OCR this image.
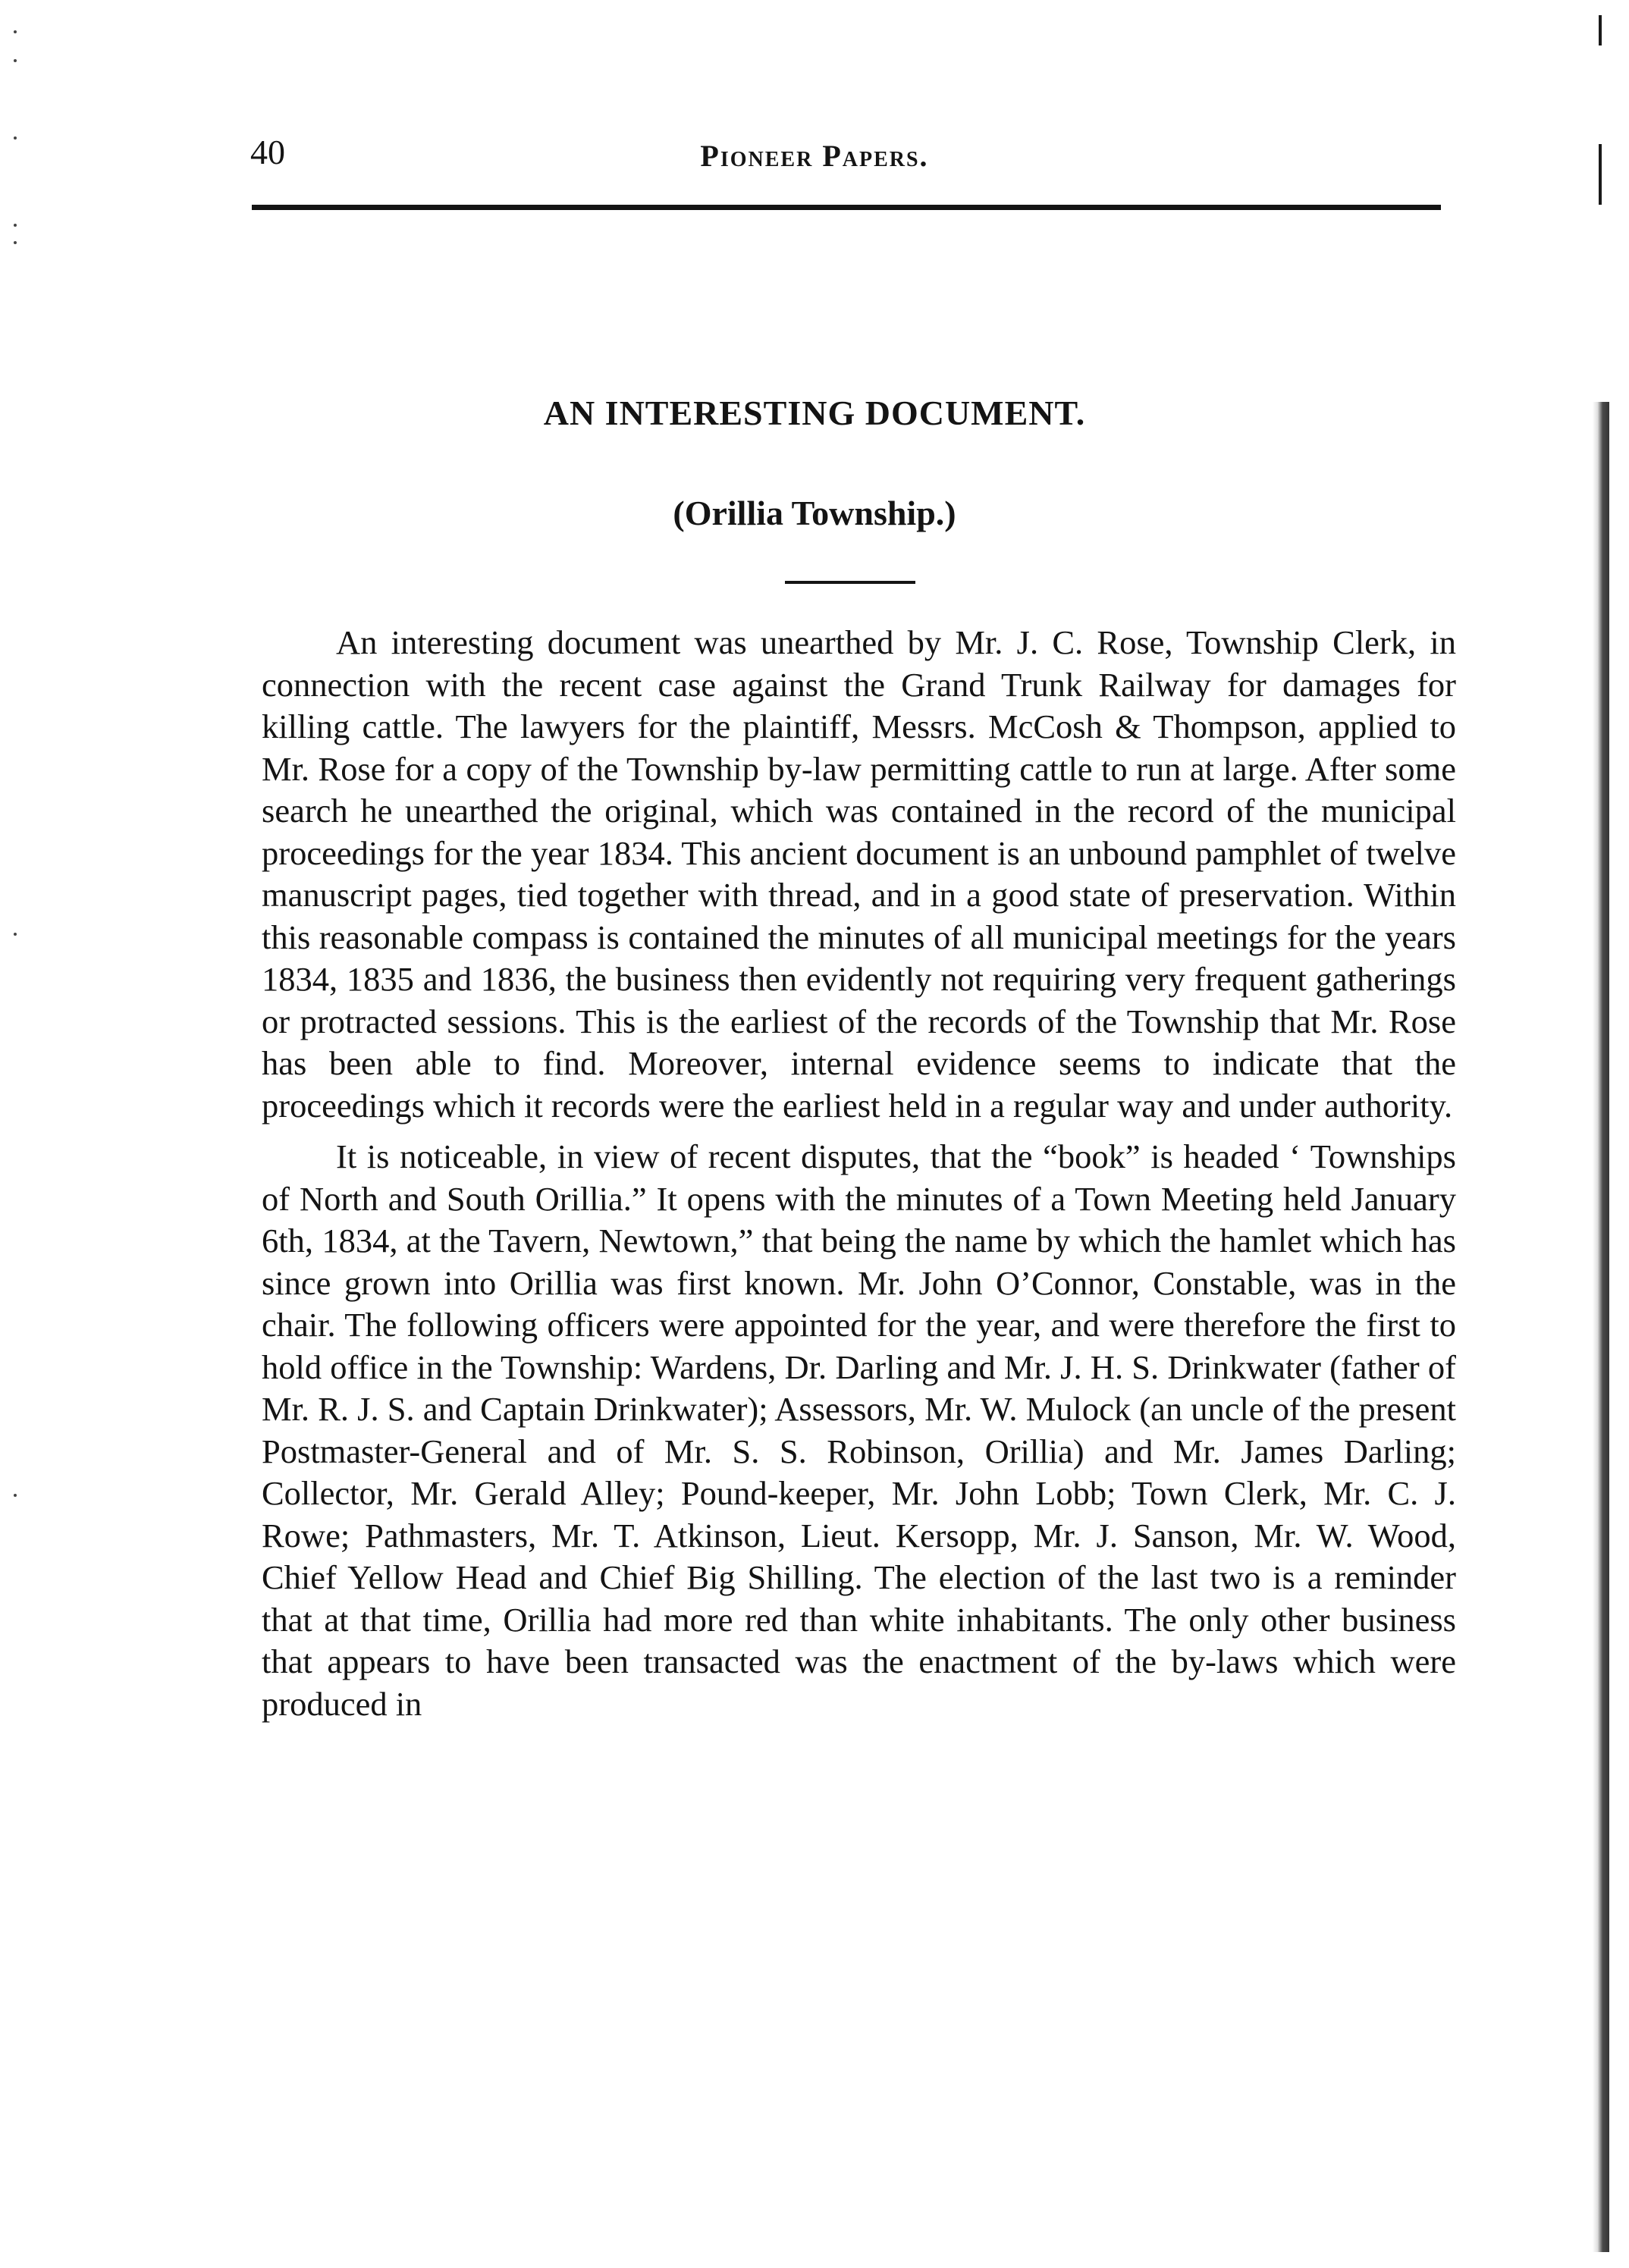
40	Pioneer Papers.
AN INTERESTING DOCUMENT.
(Orillia Township.)

An interesting document was unearthed by Mr. J. C. Rose, Township Clerk, in connection with the recent case against the Grand Trunk Railway for damages for killing cattle. The lawyers for the plaintiff, Messrs. McCosh & Thompson, applied to Mr. Rose for a copy of the Township by-law permitting cattle to run at large. After some search he unearthed the original, which was contained in the record of the municipal proceedings for the year 1834. This ancient document is an unbound pamphlet of twelve manuscript pages, tied together with thread, and in a good state of preservation. Within this reasonable compass is contained the minutes of all municipal meetings for the years 1834, 1835 and 1836, the business then evidently not requiring very frequent gatherings or protracted sessions. This is the earliest of the records of the Township that Mr. Rose has been able to find. Moreover, internal evidence seems to indicate that the proceedings which it records were the earliest held in a regular way and under authority.

It is noticeable, in view of recent disputes, that the “book” is headed ‘ Townships of North and South Orillia.” It opens with the minutes of a Town Meeting held January 6th, 1834, at the Tavern, Newtown,” that being the name by which the hamlet which has since grown into Orillia was first known. Mr. John O’Connor, Constable, was in the chair. The following officers were appointed for the year, and were therefore the first to hold office in the Township: Wardens, Dr. Darling and Mr. J. H. S. Drinkwater (father of Mr. R. J. S. and Captain Drinkwater); Assessors, Mr. W. Mulock (an uncle of the present Postmaster-General and of Mr. S. S. Robinson, Orillia) and Mr. James Darling; Collector, Mr. Gerald Alley; Pound-keeper, Mr. John Lobb; Town Clerk, Mr. C. J. Rowe; Pathmasters, Mr. T. Atkinson, Lieut. Kersopp, Mr. J. Sanson, Mr. W. Wood, Chief Yellow Head and Chief Big Shilling. The election of the last two is a reminder that at that time, Orillia had more red than white inhabitants. The only other business that appears to have been transacted was the enactment of the by-laws which were produced in
